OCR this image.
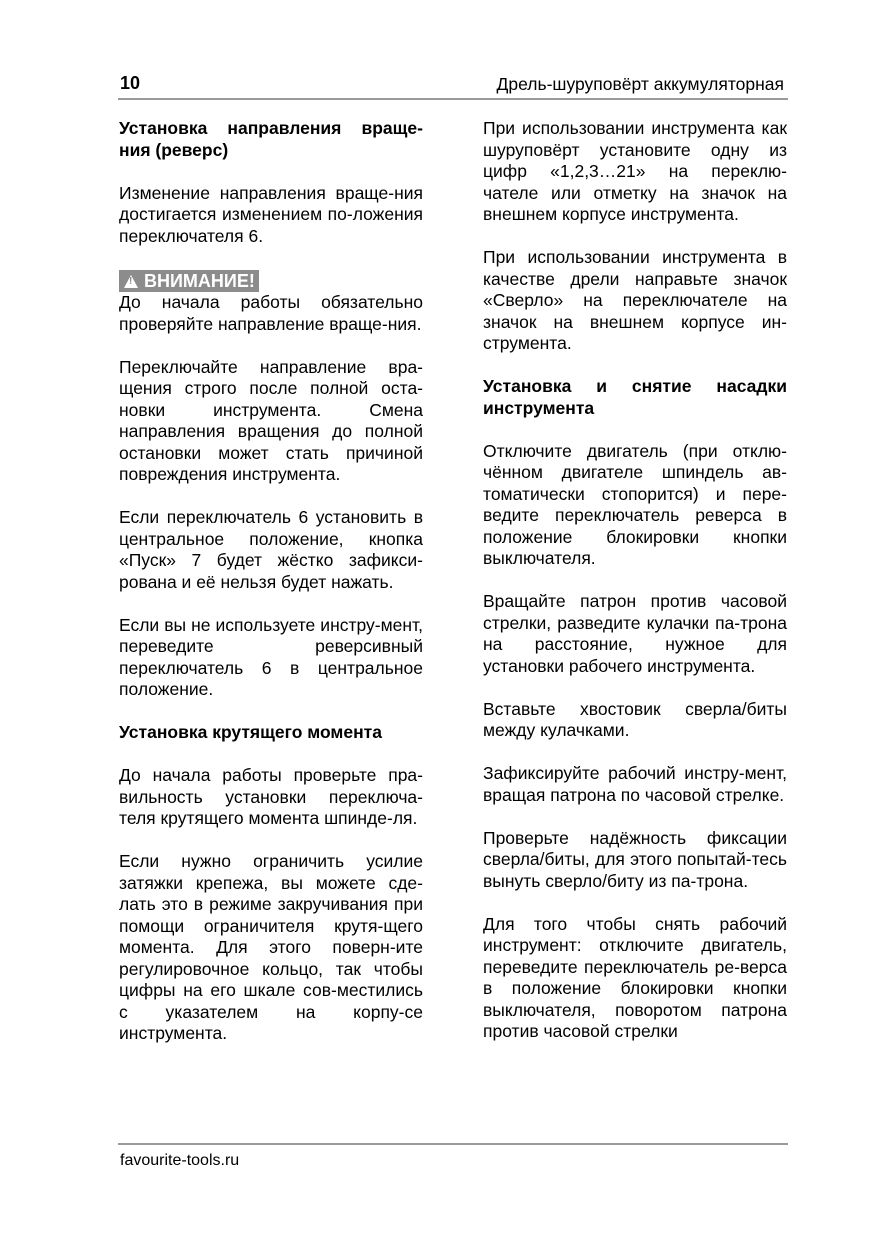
10	Дрель-шуруповёрт аккумуляторная
Установка направления враще-ния (реверс)

Изменение направления враще-ния достигается изменением по-ложения переключателя 6.

!ВНИМАНИЕ!

До начала работы обязательно проверяйте направление враще-ния.

Переключайте направление вра-щения строго после полной оста-новки инструмента. Смена направления вращения до полной остановки может стать причиной повреждения инструмента.

Если переключатель 6 установить в центральное положение, кнопка «Пуск» 7 будет жёстко зафикси-рована и её нельзя будет нажать.

Если вы не используете инстру-мент, переведите реверсивный переключатель 6 в центральное положение.

Установка крутящего момента

До начала работы проверьте пра-вильность установки переключа-теля крутящего момента шпинде-ля.

Если нужно ограничить усилие затяжки крепежа, вы можете сде-лать это в режиме закручивания при помощи ограничителя крутя-щего момента. Для этого поверн-ите регулировочное кольцо, так чтобы цифры на его шкале сов-местились с указателем на корпу-се инструмента.

При использовании инструмента как шуруповёрт установите одну из цифр «1,2,3…21» на переклю-чателе или отметку на значок на внешнем корпусе инструмента.

При использовании инструмента в качестве дрели направьте значок «Сверло» на переключателе на значок на внешнем корпусе ин-струмента.

Установка и снятие насадки инструмента

Отключите двигатель (при отклю-чённом двигателе шпиндель ав-томатически стопорится) и пере-ведите переключатель реверса в положение блокировки кнопки выключателя.

Вращайте патрон против часовой стрелки, разведите кулачки па-трона на расстояние, нужное для установки рабочего инструмента.

Вставьте хвостовик сверла/биты между кулачками.

Зафиксируйте рабочий инстру-мент, вращая патрона по часовой стрелке.

Проверьте надёжность фиксации сверла/биты, для этого попытай-тесь вынуть сверло/биту из па-трона.

Для того чтобы снять рабочий инструмент: отключите двигатель, переведите переключатель ре-верса в положение блокировки кнопки выключателя, поворотом патрона против часовой стрелки

favourite-tools.ru
